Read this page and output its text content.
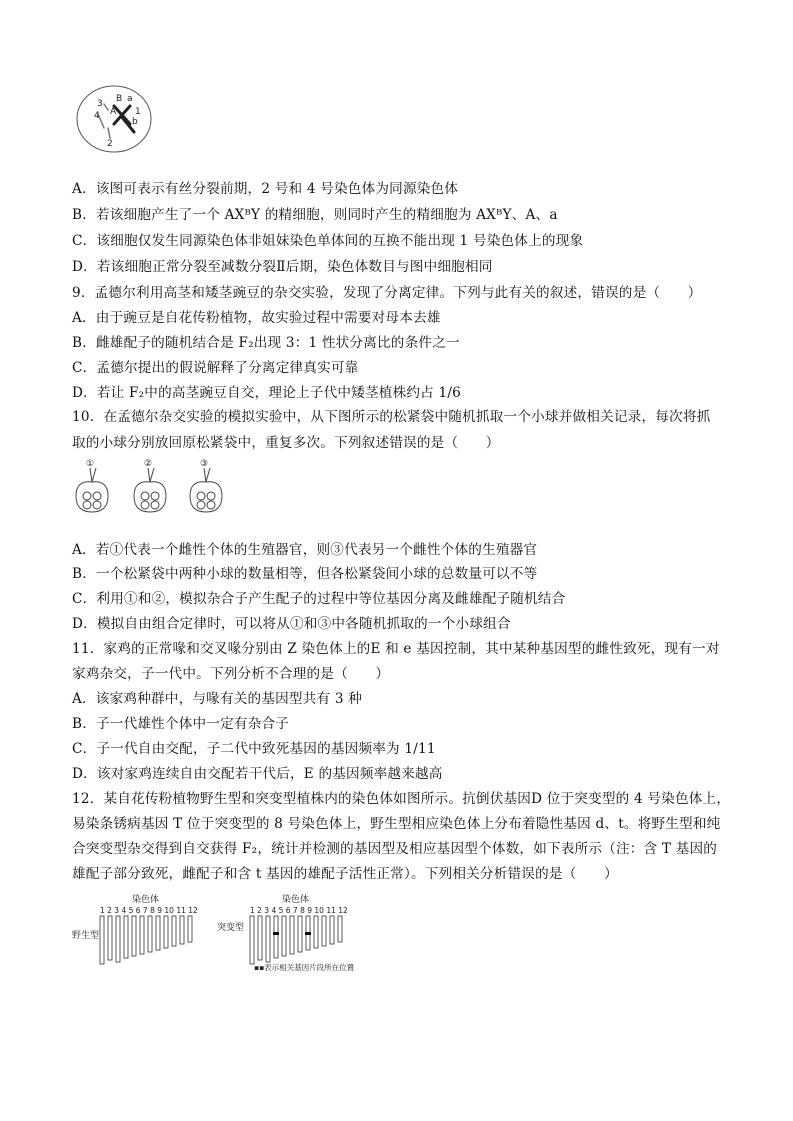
4
2
1
3 B a
A
b
A．该图可表示有丝分裂前期，2 号和 4 号染色体为同源染色体
B．若该细胞产生了一个 AXᴮY 的精细胞，则同时产生的精细胞为 AXᴮY、A、a
C．该细胞仅发生同源染色体非姐妹染色单体间的互换不能出现 1 号染色体上的现象
D．若该细胞正常分裂至减数分裂Ⅱ后期，染色体数目与图中细胞相同
9．孟德尔利用高茎和矮茎豌豆的杂交实验，发现了分离定律。下列与此有关的叙述，错误的是（　　）
A．由于豌豆是自花传粉植物，故实验过程中需要对母本去雄
B．雌雄配子的随机结合是 F₂出现 3：1 性状分离比的条件之一
C．孟德尔提出的假说解释了分离定律真实可靠
D．若让 F₂中的高茎豌豆自交，理论上子代中矮茎植株约占 1/6
10．在孟德尔杂交实验的模拟实验中，从下图所示的松紧袋中随机抓取一个小球并做相关记录，每次将抓
取的小球分别放回原松紧袋中，重复多次。下列叙述错误的是（　　）
①	②	③
A．若①代表一个雌性个体的生殖器官，则③代表另一个雌性个体的生殖器官
B．一个松紧袋中两种小球的数量相等，但各松紧袋间小球的总数量可以不等
C．利用①和②，模拟杂合子产生配子的过程中等位基因分离及雌雄配子随机结合
D．模拟自由组合定律时，可以将从①和③中各随机抓取的一个小球组合
11．家鸡的正常喙和交叉喙分别由 Z 染色体上的E 和 e 基因控制，其中某种基因型的雌性致死，现有一对
家鸡杂交，子一代中。下列分析不合理的是（　　）
A．该家鸡种群中，与喙有关的基因型共有 3 种
B．子一代雄性个体中一定有杂合子
C．子一代自由交配，子二代中致死基因的基因频率为 1/11
D．该对家鸡连续自由交配若干代后，E 的基因频率越来越高
12．某自花传粉植物野生型和突变型植株内的染色体如图所示。抗倒伏基因D 位于突变型的 4 号染色体上，
易染条锈病基因 T 位于突变型的 8 号染色体上，野生型相应染色体上分布着隐性基因 d、t。将野生型和纯
合突变型杂交得到自交获得 F₂，统计并检测的基因型及相应基因型个体数，如下表所示（注：含 T 基因的
雄配子部分致死，雌配子和含 t 基因的雄配子活性正常）。下列相关分析错误的是（　　）
染色体	染色体
1 2 3 4 5 6 7 8 9 10 11 12	1 2 3 4 5 6 7 8 9 10 11 12
野生型
突变型
▪▪表示相关基因片段所在位置
